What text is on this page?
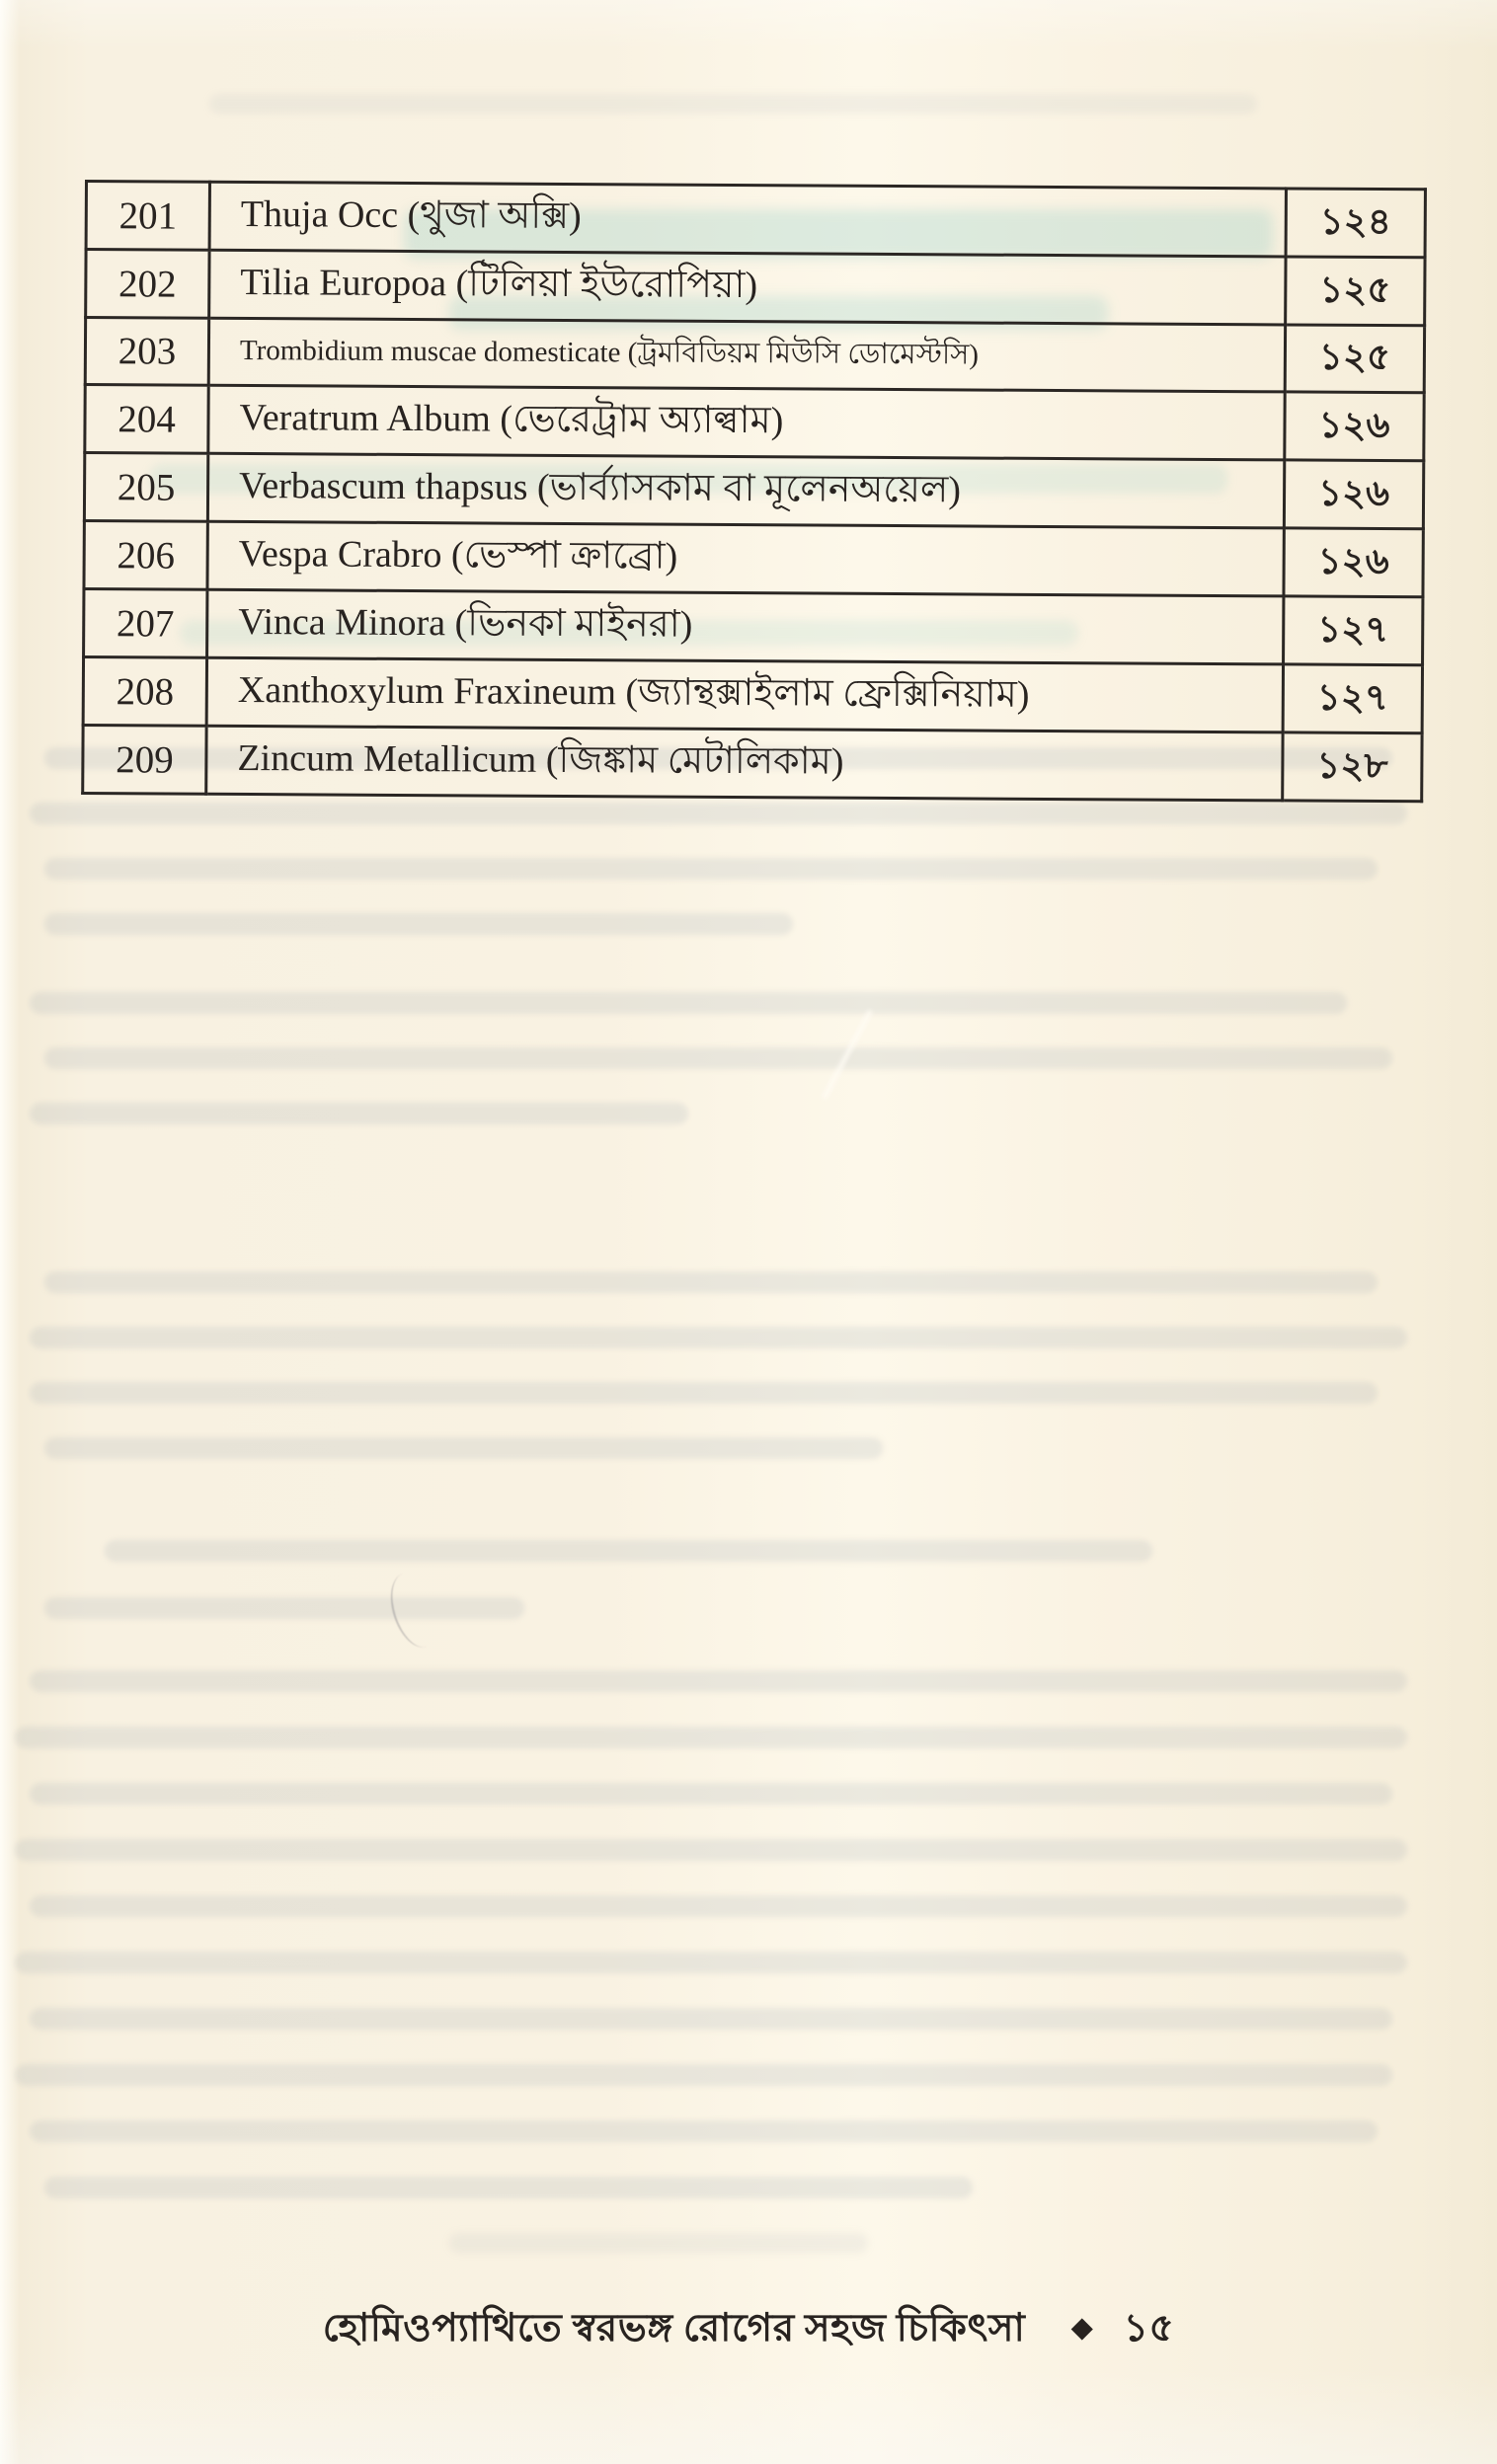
201	Thuja Occ (থুজা অক্সি)	১২৪
202	Tilia Europoa (টিলিয়া ইউরোপিয়া)	১২৫
203	Trombidium muscae domesticate (ট্রমবিডিয়ম মিউসি ডোমেস্টসি)	১২৫
204	Veratrum Album (ভেরেট্রাম অ্যাল্বাম)	১২৬
205	Verbascum thapsus (ভার্ব্যাসকাম বা মূলেনঅয়েল)	১২৬
206	Vespa Crabro (ভেস্পা ক্রাব্রো)	১২৬
207	Vinca Minora (ভিনকা মাইনরা)	১২৭
208	Xanthoxylum Fraxineum (জ্যান্থক্সাইলাম ফ্রেক্সিনিয়াম)	১২৭
209	Zincum Metallicum (জিঙ্কাম মেটালিকাম)	১২৮
হোমিওপ্যাথিতে স্বরভঙ্গ রোগের সহজ চিকিৎসা ◆ ১৫
